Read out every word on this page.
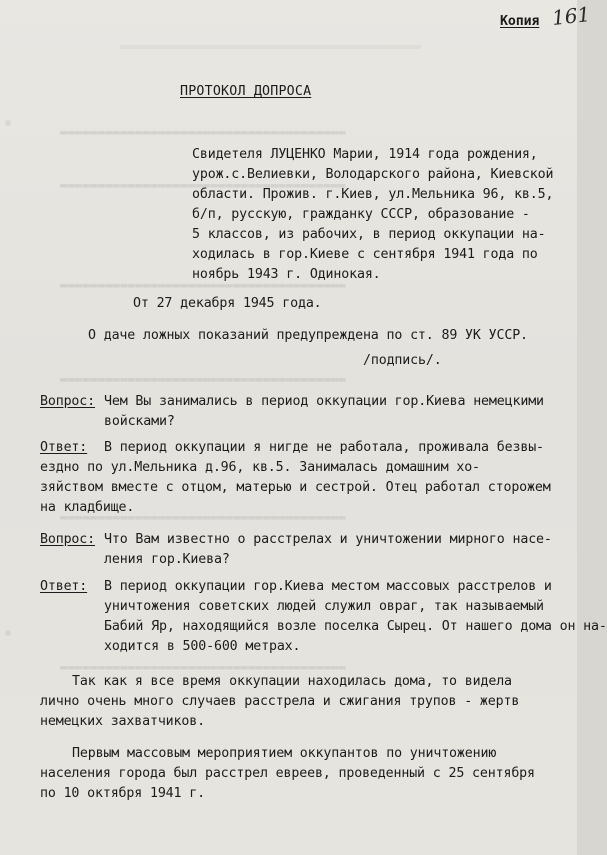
════════════════════════════════════════
▬▬▬▬▬▬▬▬▬▬▬▬▬▬▬▬▬▬▬▬▬▬▬▬▬▬▬▬▬▬▬▬▬▬▬▬▬▬
▬▬▬▬▬▬▬▬▬▬▬▬▬▬▬▬▬▬▬▬▬▬▬▬▬▬▬▬▬▬▬▬▬▬▬▬▬▬
▬▬▬▬▬▬▬▬▬▬▬▬▬▬▬▬▬▬▬▬▬▬▬▬▬▬▬▬▬▬▬▬▬▬▬▬▬▬
▬▬▬▬▬▬▬▬▬▬▬▬▬▬▬▬▬▬▬▬▬▬▬▬▬▬▬▬▬▬▬▬▬▬▬▬▬▬
▬▬▬▬▬▬▬▬▬▬▬▬▬▬▬▬▬▬▬▬▬▬▬▬▬▬▬▬▬▬▬▬▬▬▬▬▬▬
▬▬▬▬▬▬▬▬▬▬▬▬▬▬▬▬▬▬▬▬▬▬▬▬▬▬▬▬▬▬▬▬▬▬▬▬▬▬
Копия 161
ПРОТОКОЛ ДОПРОСА
Свидетеля ЛУЦЕНКО Марии, 1914 года рождения,
урож.с.Велиевки, Володарского района, Киевской
области. Прожив. г.Киев, ул.Мельника 96, кв.5,
б/п, русскую, гражданку СССР, образование -
5 классов, из рабочих, в период оккупации на-
ходилась в гор.Киеве с сентября 1941 года по
ноябрь 1943 г. Одинокая.
От 27 декабря 1945 года.
О даче ложных показаний предупреждена по ст. 89 УК УССР.
/подпись/.
Вопрос: Чем Вы занимались в период оккупации гор.Киева немецкими
войсками?
Ответ: В период оккупации я нигде не работала, проживала безвы-
ездно по ул.Мельника д.96, кв.5. Занималась домашним хо-
зяйством вместе с отцом, матерью и сестрой. Отец работал сторожем
на кладбище.
Вопрос: Что Вам известно о расстрелах и уничтожении мирного насе-
ления гор.Киева?
Ответ: В период оккупации гор.Киева местом массовых расстрелов и
уничтожения советских людей служил овраг, так называемый
Бабий Яр, находящийся возле поселка Сырец. От нашего дома он на-
ходится в 500-600 метрах.
Так как я все время оккупации находилась дома, то видела
лично очень много случаев расстрела и сжигания трупов - жертв
немецких захватчиков.
Первым массовым мероприятием оккупантов по уничтожению
населения города был расстрел евреев, проведенный с 25 сентября
по 10 октября 1941 г.
